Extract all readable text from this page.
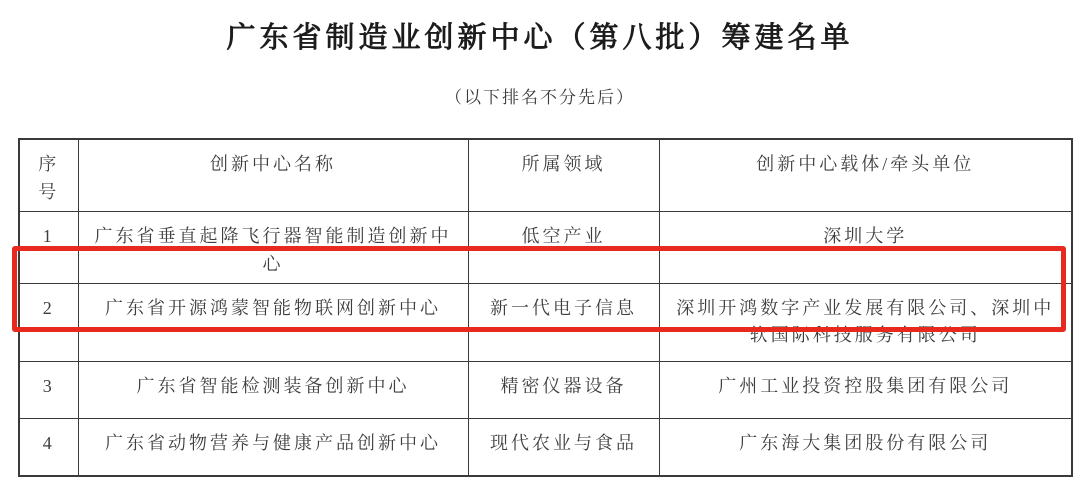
广东省制造业创新中心（第八批）筹建名单
（以下排名不分先后）
序号	创新中心名称	所属领域	创新中心载体/牵头单位
1	广东省垂直起降飞行器智能制造创新中心	低空产业	深圳大学
2	广东省开源鸿蒙智能物联网创新中心	新一代电子信息	深圳开鸿数字产业发展有限公司、深圳中软国际科技服务有限公司
3	广东省智能检测装备创新中心	精密仪器设备	广州工业投资控股集团有限公司
4	广东省动物营养与健康产品创新中心	现代农业与食品	广东海大集团股份有限公司
